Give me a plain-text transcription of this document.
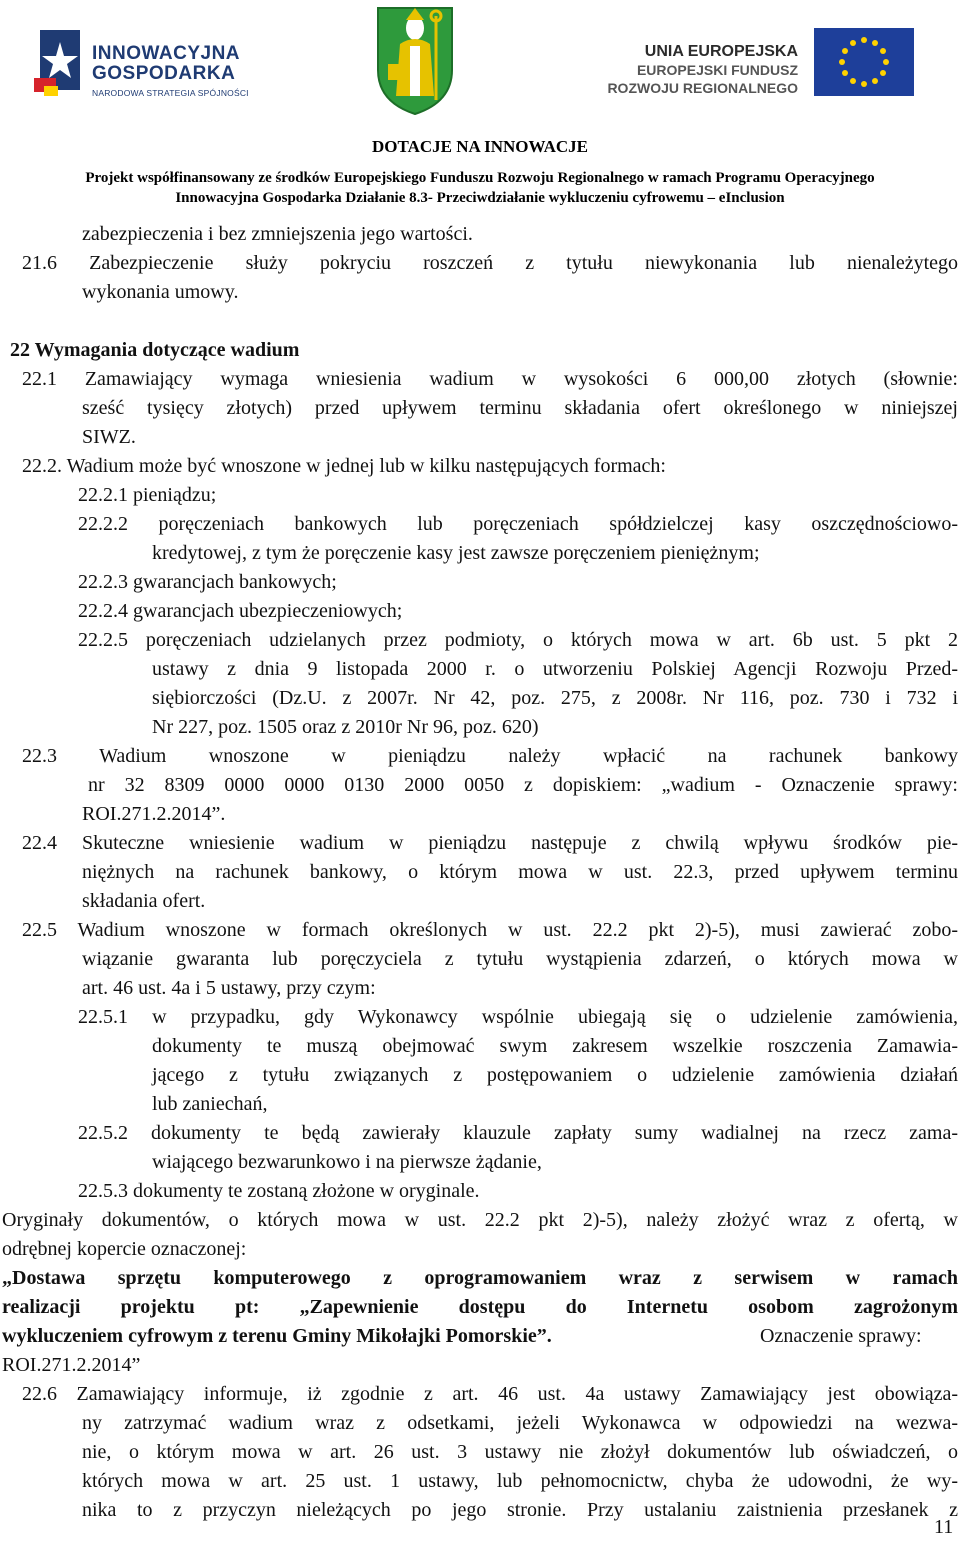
INNOWACYJNA
GOSPODARKA
NARODOWA STRATEGIA SPÓJNOŚCI
UNIA EUROPEJSKA
EUROPEJSKI FUNDUSZ
ROZWOJU REGIONALNEGO
DOTACJE NA INNOWACJE
Projekt współfinansowany ze środków Europejskiego Funduszu Rozwoju Regionalnego w ramach Programu Operacyjnego
Innowacyjna Gospodarka Działanie 8.3- Przeciwdziałanie wykluczeniu cyfrowemu – eInclusion
zabezpieczenia i bez zmniejszenia jego wartości.
21.6 Zabezpieczenie służy pokryciu roszczeń z tytułu niewykonania lub nienależytego
wykonania umowy.
22 Wymagania dotyczące wadium
22.1 Zamawiający wymaga wniesienia wadium w wysokości 6 000,00 złotych (słownie:
sześć tysięcy złotych) przed upływem terminu składania ofert określonego w niniejszej
SIWZ.
22.2. Wadium może być wnoszone w jednej lub w kilku następujących formach:
22.2.1 pieniądzu;
22.2.2 poręczeniach bankowych lub poręczeniach spółdzielczej kasy oszczędnościowo-
kredytowej, z tym że poręczenie kasy jest zawsze poręczeniem pieniężnym;
22.2.3 gwarancjach bankowych;
22.2.4 gwarancjach ubezpieczeniowych;
22.2.5 poręczeniach udzielanych przez podmioty, o których mowa w art. 6b ust. 5 pkt 2
ustawy z dnia 9 listopada 2000 r. o utworzeniu Polskiej Agencji Rozwoju Przed-
siębiorczości (Dz.U. z 2007r. Nr 42, poz. 275, z 2008r. Nr 116, poz. 730 i 732 i
Nr 227, poz. 1505 oraz z 2010r Nr 96, poz. 620)
22.3 Wadium wnoszone w pieniądzu należy wpłacić na rachunek bankowy
nr 32 8309 0000 0000 0130 2000 0050 z dopiskiem: „wadium - Oznaczenie sprawy:
ROI.271.2.2014”.
22.4 Skuteczne wniesienie wadium w pieniądzu następuje z chwilą wpływu środków pie-
niężnych na rachunek bankowy, o którym mowa w ust. 22.3, przed upływem terminu
składania ofert.
22.5 Wadium wnoszone w formach określonych w ust. 22.2 pkt 2)-5), musi zawierać zobo-
wiązanie gwaranta lub poręczyciela z tytułu wystąpienia zdarzeń, o których mowa w
art. 46 ust. 4a i 5 ustawy, przy czym:
22.5.1 w przypadku, gdy Wykonawcy wspólnie ubiegają się o udzielenie zamówienia,
dokumenty te muszą obejmować swym zakresem wszelkie roszczenia Zamawia-
jącego z tytułu związanych z postępowaniem o udzielenie zamówienia działań
lub zaniechań,
22.5.2 dokumenty te będą zawierały klauzule zapłaty sumy wadialnej na rzecz zama-
wiającego bezwarunkowo i na pierwsze żądanie,
22.5.3 dokumenty te zostaną złożone w oryginale.
Oryginały dokumentów, o których mowa w ust. 22.2 pkt 2)-5), należy złożyć wraz z ofertą, w
odrębnej kopercie oznaczonej:
„Dostawa sprzętu komputerowego z oprogramowaniem wraz z serwisem w ramach
realizacji projektu pt: „Zapewnienie dostępu do Internetu osobom zagrożonym
wykluczeniem cyfrowym z terenu Gminy Mikołajki Pomorskie”.	Oznaczenie sprawy:
ROI.271.2.2014”
22.6 Zamawiający informuje, iż zgodnie z art. 46 ust. 4a ustawy Zamawiający jest obowiąza-
ny zatrzymać wadium wraz z odsetkami, jeżeli Wykonawca w odpowiedzi na wezwa-
nie, o którym mowa w art. 26 ust. 3 ustawy nie złożył dokumentów lub oświadczeń, o
których mowa w art. 25 ust. 1 ustawy, lub pełnomocnictw, chyba że udowodni, że wy-
nika to z przyczyn nieleżących po jego stronie. Przy ustalaniu zaistnienia przesłanek z
11
